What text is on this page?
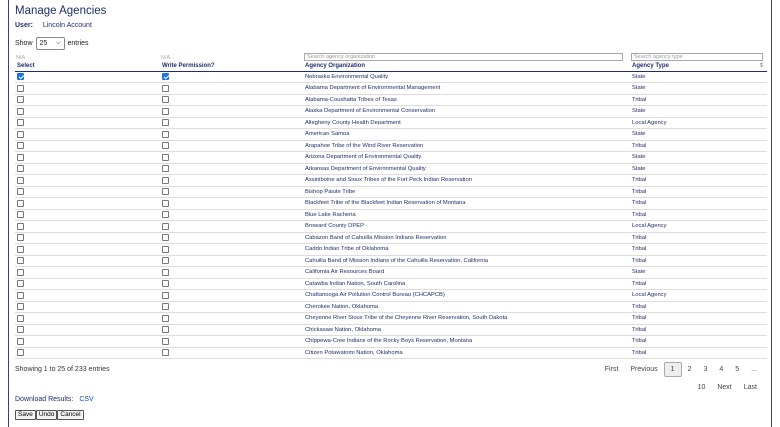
Manage Agencies
User: Lincoln Account
Show 25 ⌵ entries
N/A	N/A	Search agency organization	Search agency type

Select	Write Permission?	Agency Organization	Agency Type ⇕

		Nebraska Environmental Quality	State
		Alabama Department of Environmental Management	State
		Alabama-Coushatta Tribes of Texas	Tribal
		Alaska Department of Environmental Conservation	State
		Allegheny County Health Department	Local Agency
		American Samoa	State
		Arapahoe Tribe of the Wind River Reservation	Tribal
		Arizona Department of Environmental Quality	State
		Arkansas Department of Environmental Quality	State
		Assiniboine and Sioux Tribes of the Fort Peck Indian Reservation	Tribal
		Bishop Paiute Tribe	Tribal
		Blackfeet Tribe of the Blackfeet Indian Reservation of Montana	Tribal
		Blue Lake Racheria	Tribal
		Broward County DPEP	Local Agency
		Cabazon Band of Cahuilla Mission Indians Reservation	Tribal
		Caddo Indian Tribe of Oklahoma	Tribal
		Cahuilla Band of Mission Indians of the Cahuilla Reservation, California	Tribal
		California Air Resources Board	State
		Catawba Indian Nation, South Carolina	Tribal
		Chattanooga Air Pollution Control Bureau (CHCAPCB)	Local Agency
		Cherokee Nation, Oklahoma	Tribal
		Cheyenne River Sioux Tribe of the Cheyenne River Reservation, South Dakota	Tribal
		Chickasaw Nation, Oklahoma	Tribal
		Chippewa-Cree Indians of the Rocky Boys Reservation, Montana	Tribal
		Citizen Potawatomi Nation, Oklahoma	Tribal
Showing 1 to 25 of 233 entries	First	Previous	1	2	3	4	5	...
10	Next	Last
Download Results: CSV
Save Undo Cancel
